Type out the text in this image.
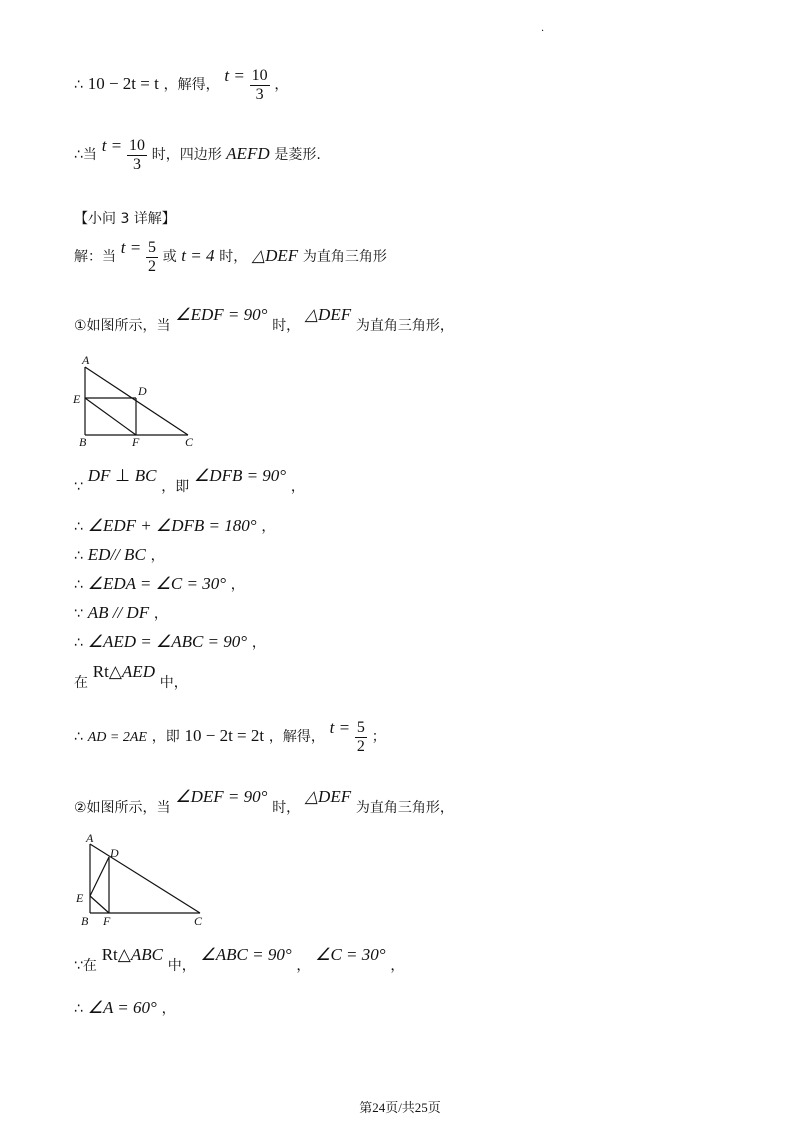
·
∴ 10 − 2t = t ，解得， $t = \frac{10}{3}$ ，
∴当 $t = \frac{10}{3}$ 时，四边形 AEFD 是菱形.
【小问 3 详解】
解：当 $t = \frac{5}{2}$ 或 t = 4 时， △DEF 为直角三角形
①如图所示，当 ∠EDF = 90° 时， △DEF 为直角三角形，
A
D
E
B	F	C
∵ DF ⊥ BC ，即 ∠DFB = 90° ，
∴ ∠EDF + ∠DFB = 180° ，
∴ ED// BC ，
∴ ∠EDA = ∠C = 30° ，
∵ AB // DF ，
∴ ∠AED = ∠ABC = 90° ，
在 Rt△AED 中，
∴ AD = 2AE ，即 10 − 2t = 2t ，解得， $t = \frac{5}{2}$ ；
②如图所示，当 ∠DEF = 90° 时， △DEF 为直角三角形，
A
D
E
B F	C
∵在 Rt△ABC 中， ∠ABC = 90° ， ∠C = 30° ，
∴ ∠A = 60° ，
第24页/共25页
